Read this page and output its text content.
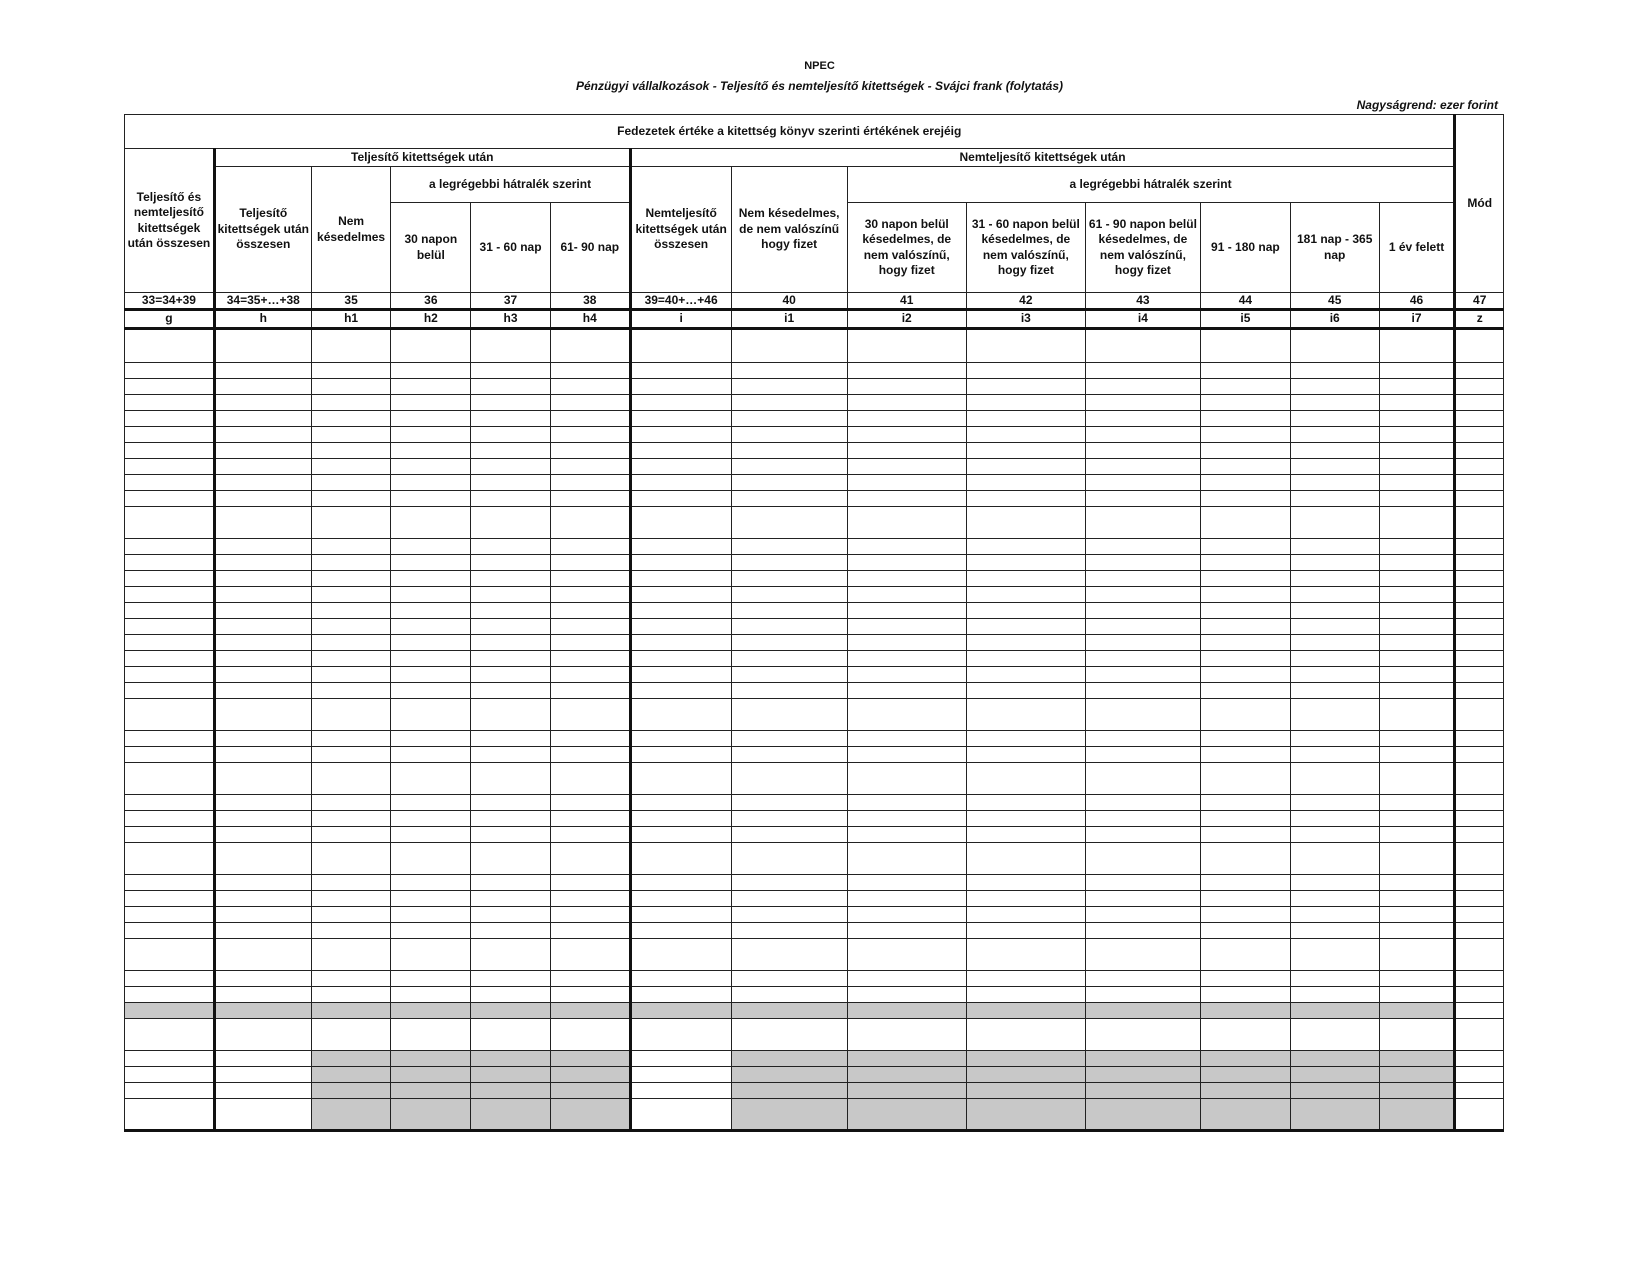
NPEC
Pénzügyi vállalkozások - Teljesítő és nemteljesítő kitettségek - Svájci frank (folytatás)
Nagyságrend: ezer forint
Fedezetek értéke a kitettség könyv szerinti értékének erejéig														Mód
Teljesítő és nemteljesítő kitettségek után összesen	Teljesítő kitettségek után					Nemteljesítő kitettségek után								
	Teljesítő kitettségek után összesen	Nem késedelmes	a legrégebbi hátralék szerint			Nemteljesítő kitettségek után összesen	Nem késedelmes, de nem valószínű hogy fizet	a legrégebbi hátralék szerint						
			30 napon belül	31 - 60 nap	61- 90 nap			30 napon belül késedelmes, de nem valószínű, hogy fizet	31 - 60 napon belül késedelmes, de nem valószínű, hogy fizet	61 - 90 napon belül késedelmes, de nem valószínű, hogy fizet	91 - 180 nap	181 nap - 365 nap	1 év felett	
33=34+39	34=35+…+38	35	36	37	38	39=40+…+46	40	41	42	43	44	45	46	47
g	h	h1	h2	h3	h4	i	i1	i2	i3	i4	i5	i6	i7	z
